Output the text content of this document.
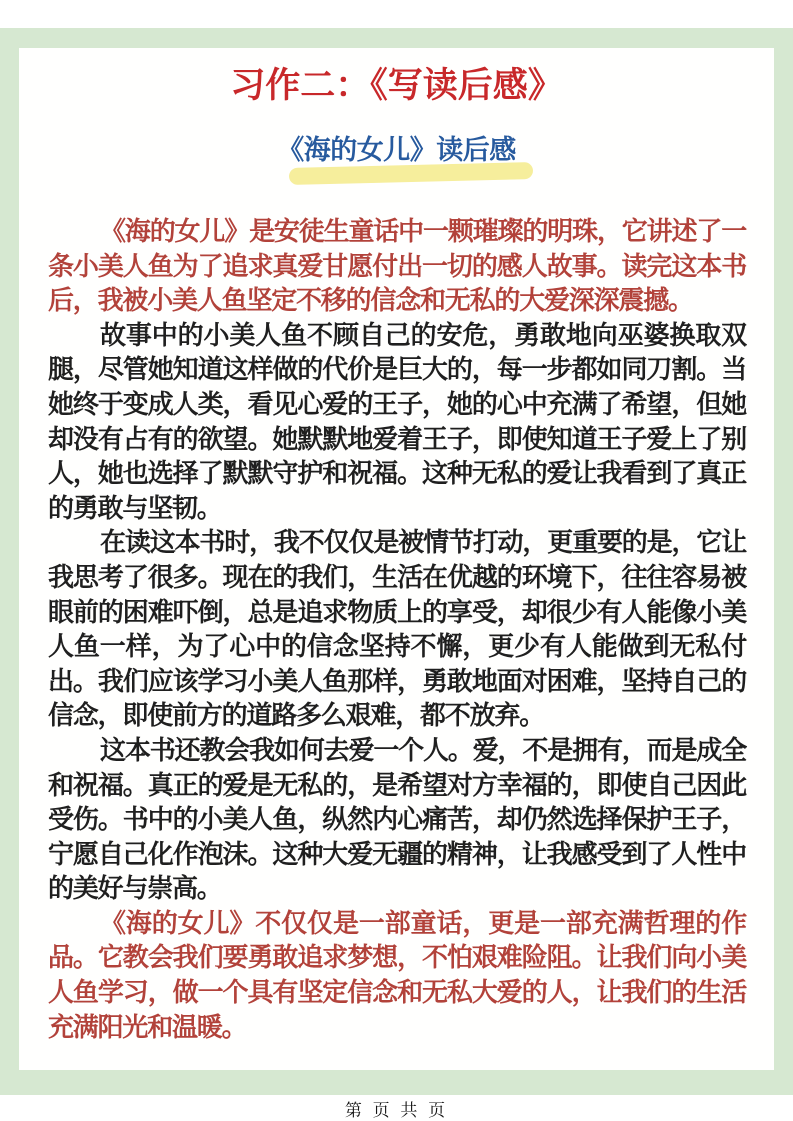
习作二：《写读后感》
《海的女儿》读后感

《海的女儿》是安徒生童话中一颗璀璨的明珠，它讲述了一条小美人鱼为了追求真爱甘愿付出一切的感人故事。读完这本书后，我被小美人鱼坚定不移的信念和无私的大爱深深震撼。

故事中的小美人鱼不顾自己的安危，勇敢地向巫婆换取双腿，尽管她知道这样做的代价是巨大的，每一步都如同刀割。当她终于变成人类，看见心爱的王子，她的心中充满了希望，但她却没有占有的欲望。她默默地爱着王子，即使知道王子爱上了别人，她也选择了默默守护和祝福。这种无私的爱让我看到了真正的勇敢与坚韧。

在读这本书时，我不仅仅是被情节打动，更重要的是，它让我思考了很多。现在的我们，生活在优越的环境下，往往容易被眼前的困难吓倒，总是追求物质上的享受，却很少有人能像小美人鱼一样，为了心中的信念坚持不懈，更少有人能做到无私付出。我们应该学习小美人鱼那样，勇敢地面对困难，坚持自己的信念，即使前方的道路多么艰难，都不放弃。

这本书还教会我如何去爱一个人。爱，不是拥有，而是成全和祝福。真正的爱是无私的，是希望对方幸福的，即使自己因此受伤。书中的小美人鱼，纵然内心痛苦，却仍然选择保护王子，宁愿自己化作泡沫。这种大爱无疆的精神，让我感受到了人性中的美好与崇高。

《海的女儿》不仅仅是一部童话，更是一部充满哲理的作品。它教会我们要勇敢追求梦想，不怕艰难险阻。让我们向小美人鱼学习，做一个具有坚定信念和无私大爱的人，让我们的生活充满阳光和温暖。

第 页 共 页
